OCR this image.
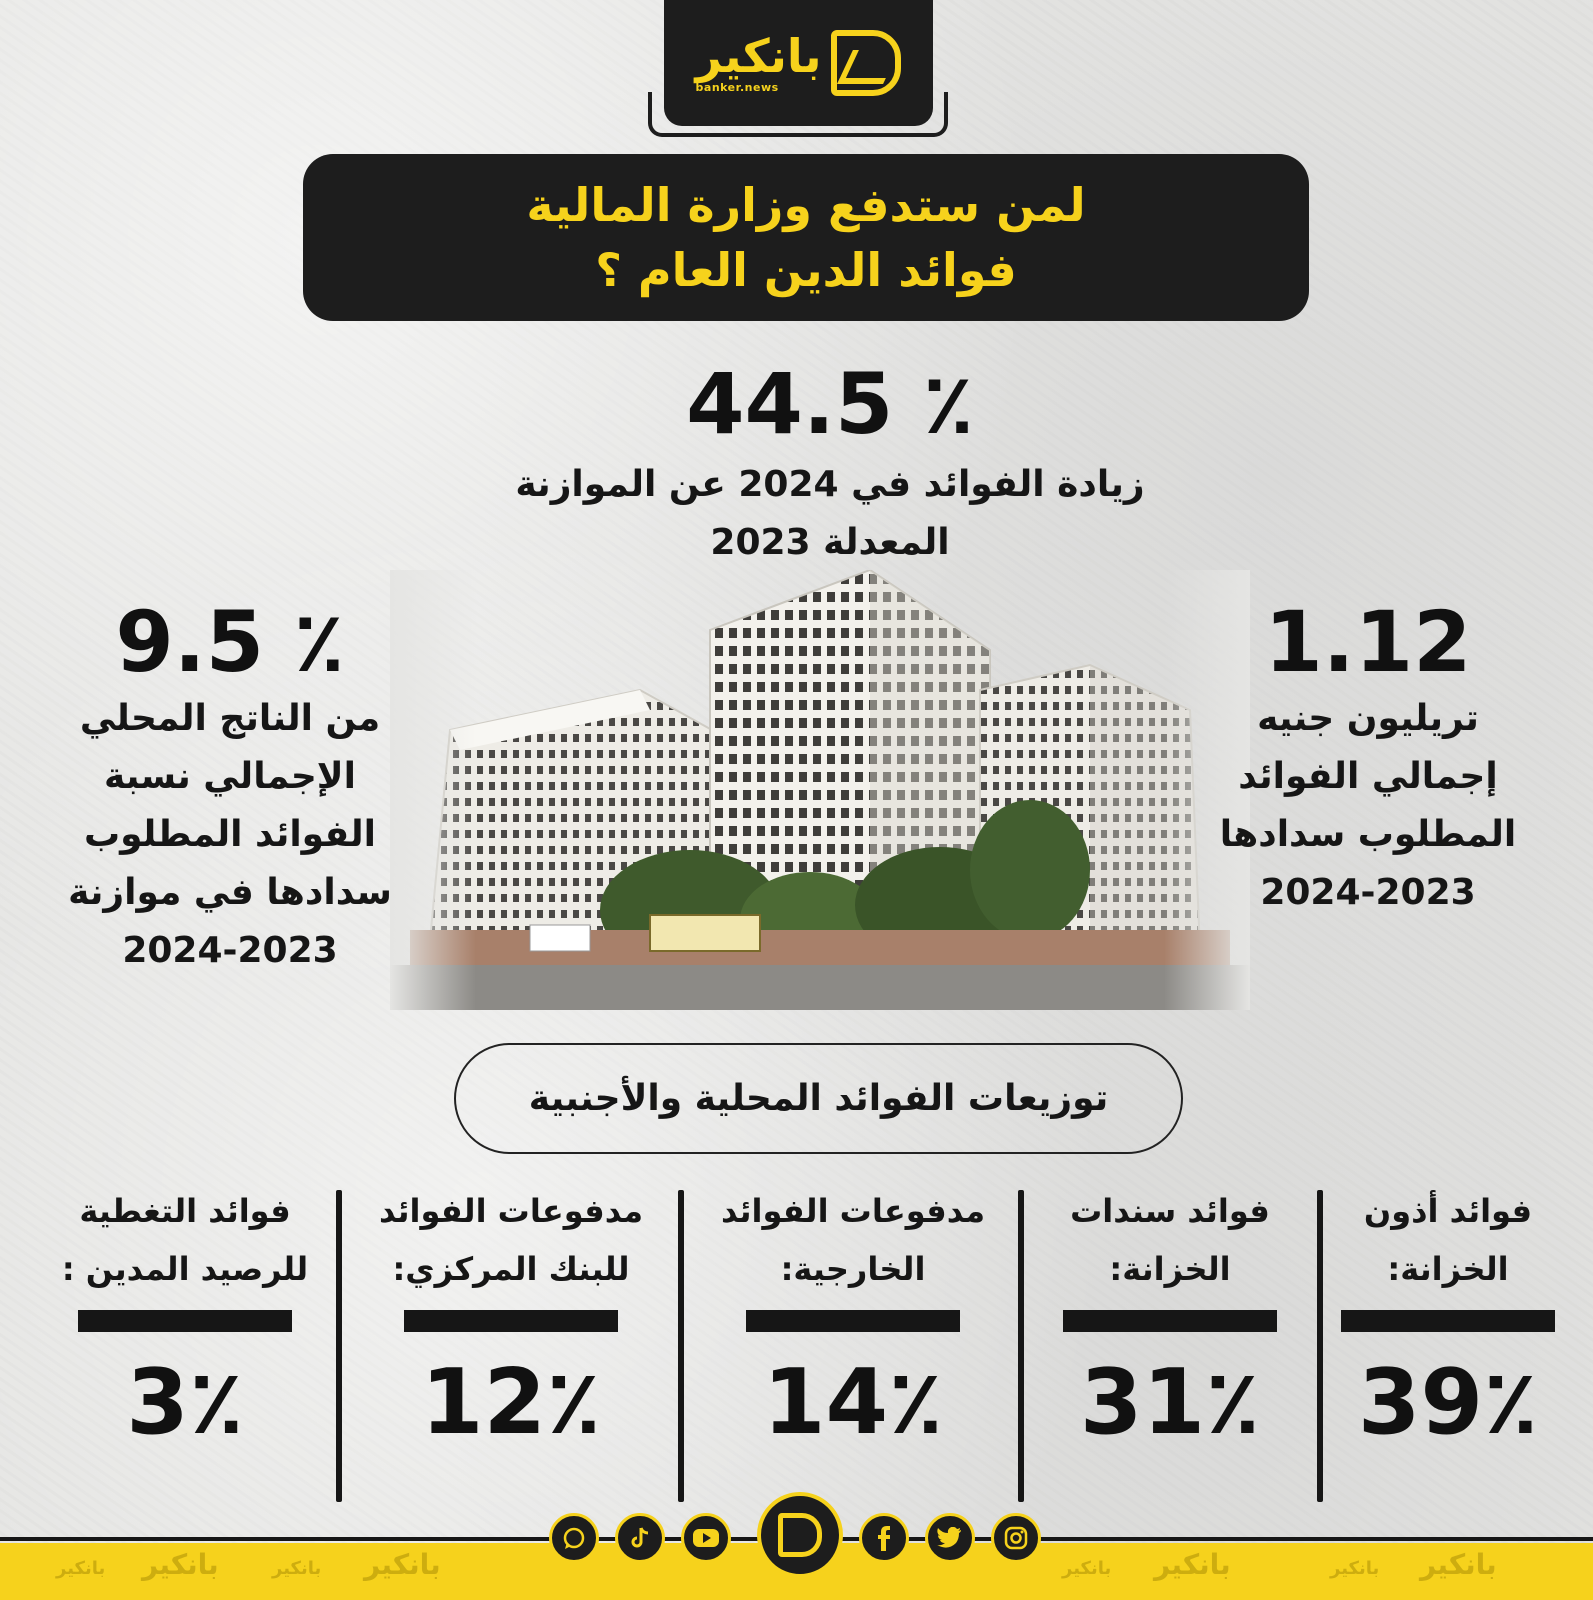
بانكير
banker.news
لمن ستدفع وزارة المالية
فوائد الدين العام ؟
44.5 ٪
زيادة الفوائد في 2024 عن الموازنة
المعدلة 2023
1.12
تريليون جنيه
إجمالي الفوائد
المطلوب سدادها
2024-2023
9.5 ٪
من الناتج المحلي
الإجمالي نسبة
الفوائد المطلوب
سدادها في موازنة
2024-2023
توزيعات الفوائد المحلية والأجنبية
فوائد أذون
الخزانة:
39٪
فوائد سندات
الخزانة:
31٪
مدفوعات الفوائد
الخارجية:
14٪
مدفوعات الفوائد
للبنك المركزي:
12٪
فوائد التغطية
للرصيد المدين :
3٪
بانكير بانكير	بانكير بانكير	بانكير بانكير	بانكير بانكير
